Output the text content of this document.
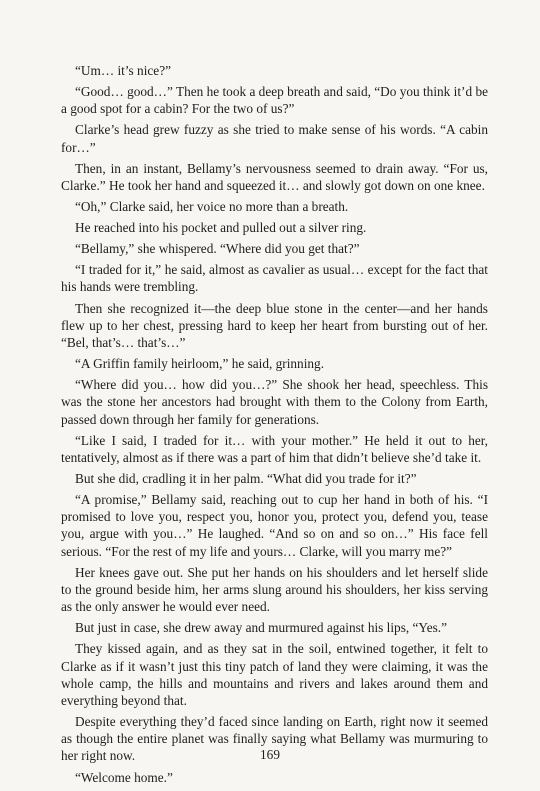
“Um… it’s nice?”

“Good… good…” Then he took a deep breath and said, “Do you think it’d be a good spot for a cabin? For the two of us?”

Clarke’s head grew fuzzy as she tried to make sense of his words. “A cabin for…”

Then, in an instant, Bellamy’s nervousness seemed to drain away. “For us, Clarke.” He took her hand and squeezed it… and slowly got down on one knee.

“Oh,” Clarke said, her voice no more than a breath.

He reached into his pocket and pulled out a silver ring.

“Bellamy,” she whispered. “Where did you get that?”

“I traded for it,” he said, almost as cavalier as usual… except for the fact that his hands were trembling.

Then she recognized it—the deep blue stone in the center—and her hands flew up to her chest, pressing hard to keep her heart from bursting out of her. “Bel, that’s… that’s…”

“A Griffin family heirloom,” he said, grinning.

“Where did you… how did you…?” She shook her head, speechless. This was the stone her ancestors had brought with them to the Colony from Earth, passed down through her family for generations.

“Like I said, I traded for it… with your mother.” He held it out to her, tentatively, almost as if there was a part of him that didn’t believe she’d take it.

But she did, cradling it in her palm. “What did you trade for it?”

“A promise,” Bellamy said, reaching out to cup her hand in both of his. “I promised to love you, respect you, honor you, protect you, defend you, tease you, argue with you…” He laughed. “And so on and so on…” His face fell serious. “For the rest of my life and yours… Clarke, will you marry me?”

Her knees gave out. She put her hands on his shoulders and let herself slide to the ground beside him, her arms slung around his shoulders, her kiss serving as the only answer he would ever need.

But just in case, she drew away and murmured against his lips, “Yes.”

They kissed again, and as they sat in the soil, entwined together, it felt to Clarke as if it wasn’t just this tiny patch of land they were claiming, it was the whole camp, the hills and mountains and rivers and lakes around them and everything beyond that.

Despite everything they’d faced since landing on Earth, right now it seemed as though the entire planet was finally saying what Bellamy was murmuring to her right now.

“Welcome home.”

169
